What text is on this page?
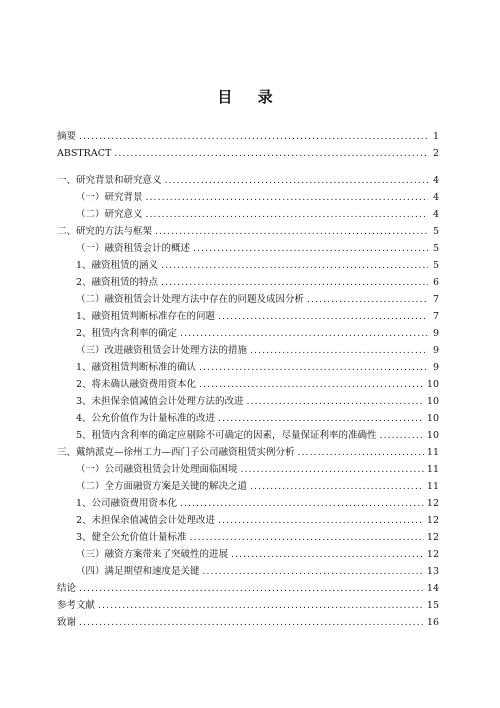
目 录
摘要 .....	1
ABSTRACT .....	2
一、研究背景和研究意义 .....	4
（一）研究背景 .....	4
（二）研究意义 .....	4
二、研究的方法与框架 .....	5
（一）融资租赁会计的概述 .....	5
1、融资租赁的涵义 .....	5
2、融资租赁的特点 .....	6
（二）融资租赁会计处理方法中存在的问题及成因分析 .....	7
1、融资租赁判断标准存在的问题 .....	7
2、租赁内含利率的确定 .....	9
（三）改进融资租赁会计处理方法的措施 .....	9
1、融资租赁判断标准的确认 .....	9
2、将未确认融资费用资本化 .....	10
3、未担保余值减值会计处理方法的改进 .....	10
4、公允价值作为计量标准的改进 .....	10
5、租赁内含利率的确定应剔除不可确定的因素，尽量保证利率的准确性 .....	10
三、戴纳派克—徐州工力—西门子公司融资租赁实例分析 .....	11
（一）公司融资租赁会计处理面临困境 .....	11
（二）全方面融资方案是关键的解决之道 .....	11
1、公司融资费用资本化 .....	12
2、未担保余值减值会计处理改进 .....	12
3、健全公允价值计量标准 .....	12
（三）融资方案带来了突破性的进展 .....	12
（四）满足期望和速度是关键 .....	13
结论 .....	14
参考文献 .....	15
致谢 .....	16
